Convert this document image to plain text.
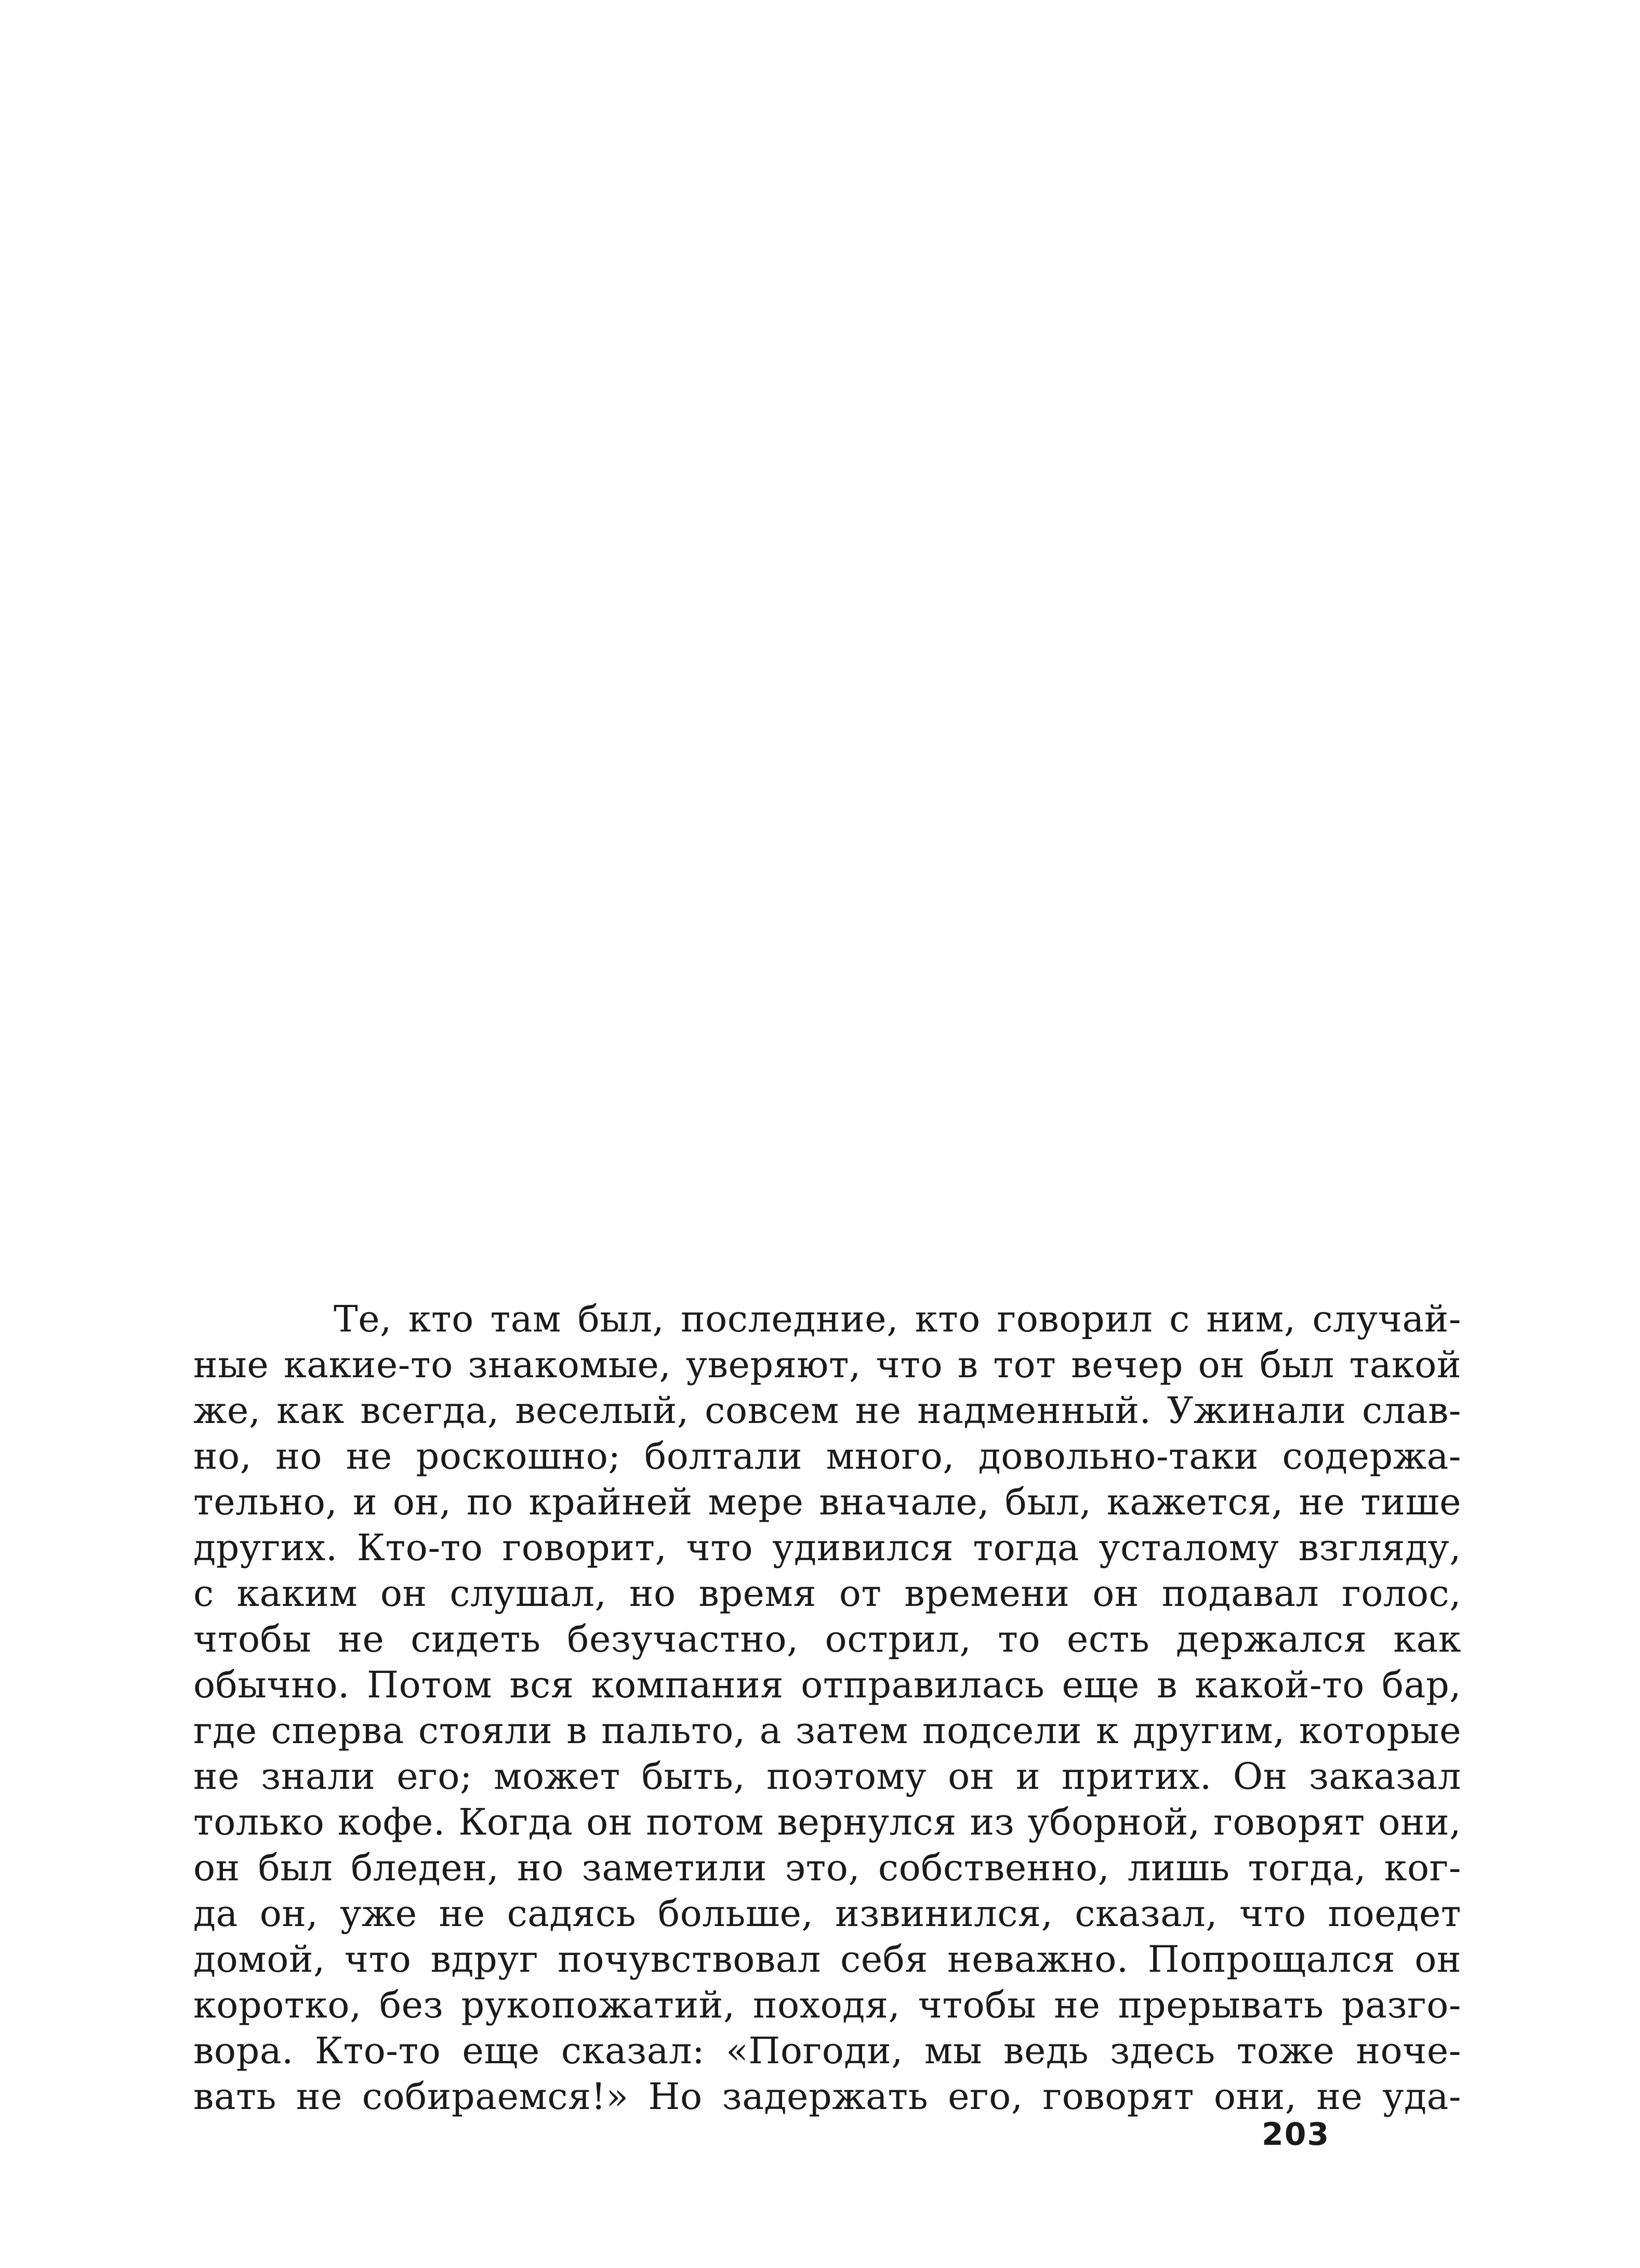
Те, кто там был, последние, кто говорил с ним, случай-
ные какие-то знакомые, уверяют, что в тот вечер он был такой
же, как всегда, веселый, совсем не надменный. Ужинали слав-
но, но не роскошно; болтали много, довольно-таки содержа-
тельно, и он, по крайней мере вначале, был, кажется, не тише
других. Кто-то говорит, что удивился тогда усталому взгляду,
с каким он слушал, но время от времени он подавал голос,
чтобы не сидеть безучастно, острил, то есть держался как
обычно. Потом вся компания отправилась еще в какой-то бар,
где сперва стояли в пальто, а затем подсели к другим, которые
не знали его; может быть, поэтому он и притих. Он заказал
только кофе. Когда он потом вернулся из уборной, говорят они,
он был бледен, но заметили это, собственно, лишь тогда, ког-
да он, уже не садясь больше, извинился, сказал, что поедет
домой, что вдруг почувствовал себя неважно. Попрощался он
коротко, без рукопожатий, походя, чтобы не прерывать разго-
вора. Кто-то еще сказал: «Погоди, мы ведь здесь тоже ноче-
вать не собираемся!» Но задержать его, говорят они, не уда-
203
